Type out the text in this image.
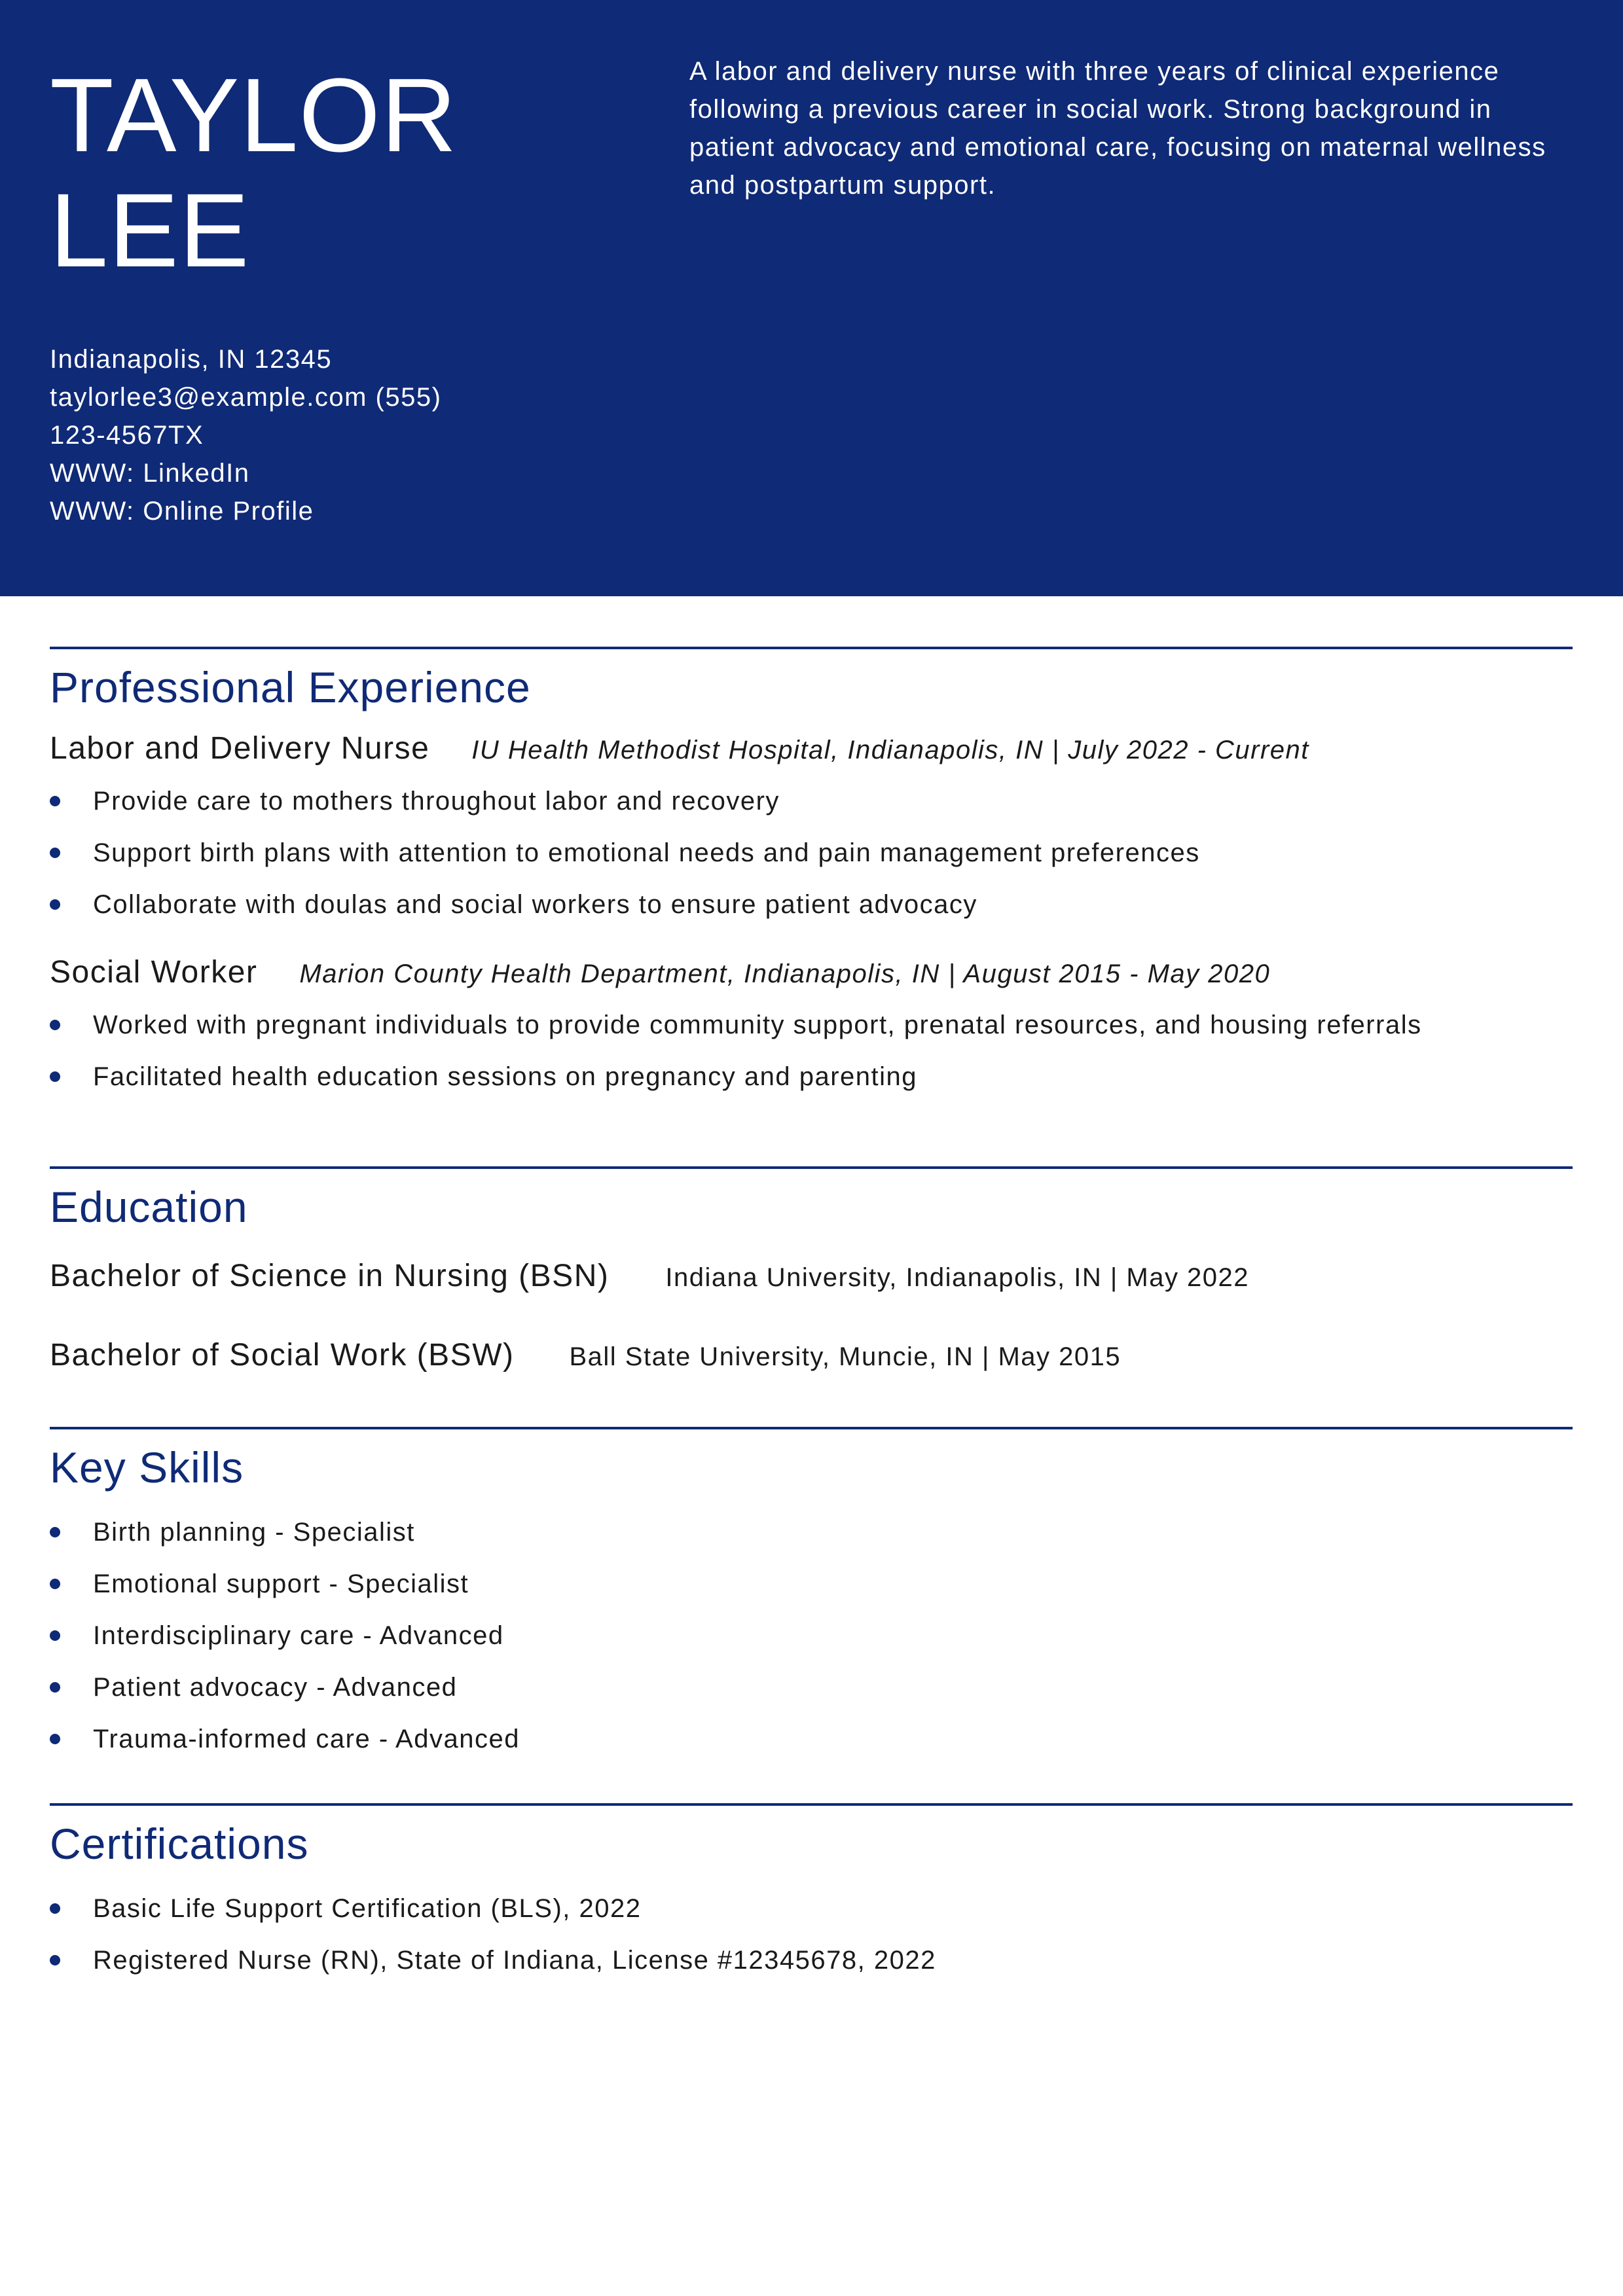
TAYLOR
LEE

A labor and delivery nurse with three years of clinical experience following a previous career in social work. Strong background in patient advocacy and emotional care, focusing on maternal wellness and postpartum support.

Indianapolis, IN 12345
taylorlee3@example.com (555)
123-4567TX
WWW: LinkedIn
WWW: Online Profile
Professional Experience
Labor and Delivery Nurse IU Health Methodist Hospital, Indianapolis, IN | July 2022 - Current
Provide care to mothers throughout labor and recovery
Support birth plans with attention to emotional needs and pain management preferences
Collaborate with doulas and social workers to ensure patient advocacy
Social Worker Marion County Health Department, Indianapolis, IN | August 2015 - May 2020
Worked with pregnant individuals to provide community support, prenatal resources, and housing referrals
Facilitated health education sessions on pregnancy and parenting
Education
Bachelor of Science in Nursing (BSN) Indiana University, Indianapolis, IN | May 2022
Bachelor of Social Work (BSW) Ball State University, Muncie, IN | May 2015
Key Skills
Birth planning - Specialist
Emotional support - Specialist
Interdisciplinary care - Advanced
Patient advocacy - Advanced
Trauma-informed care - Advanced
Certifications
Basic Life Support Certification (BLS), 2022
Registered Nurse (RN), State of Indiana, License #12345678, 2022
